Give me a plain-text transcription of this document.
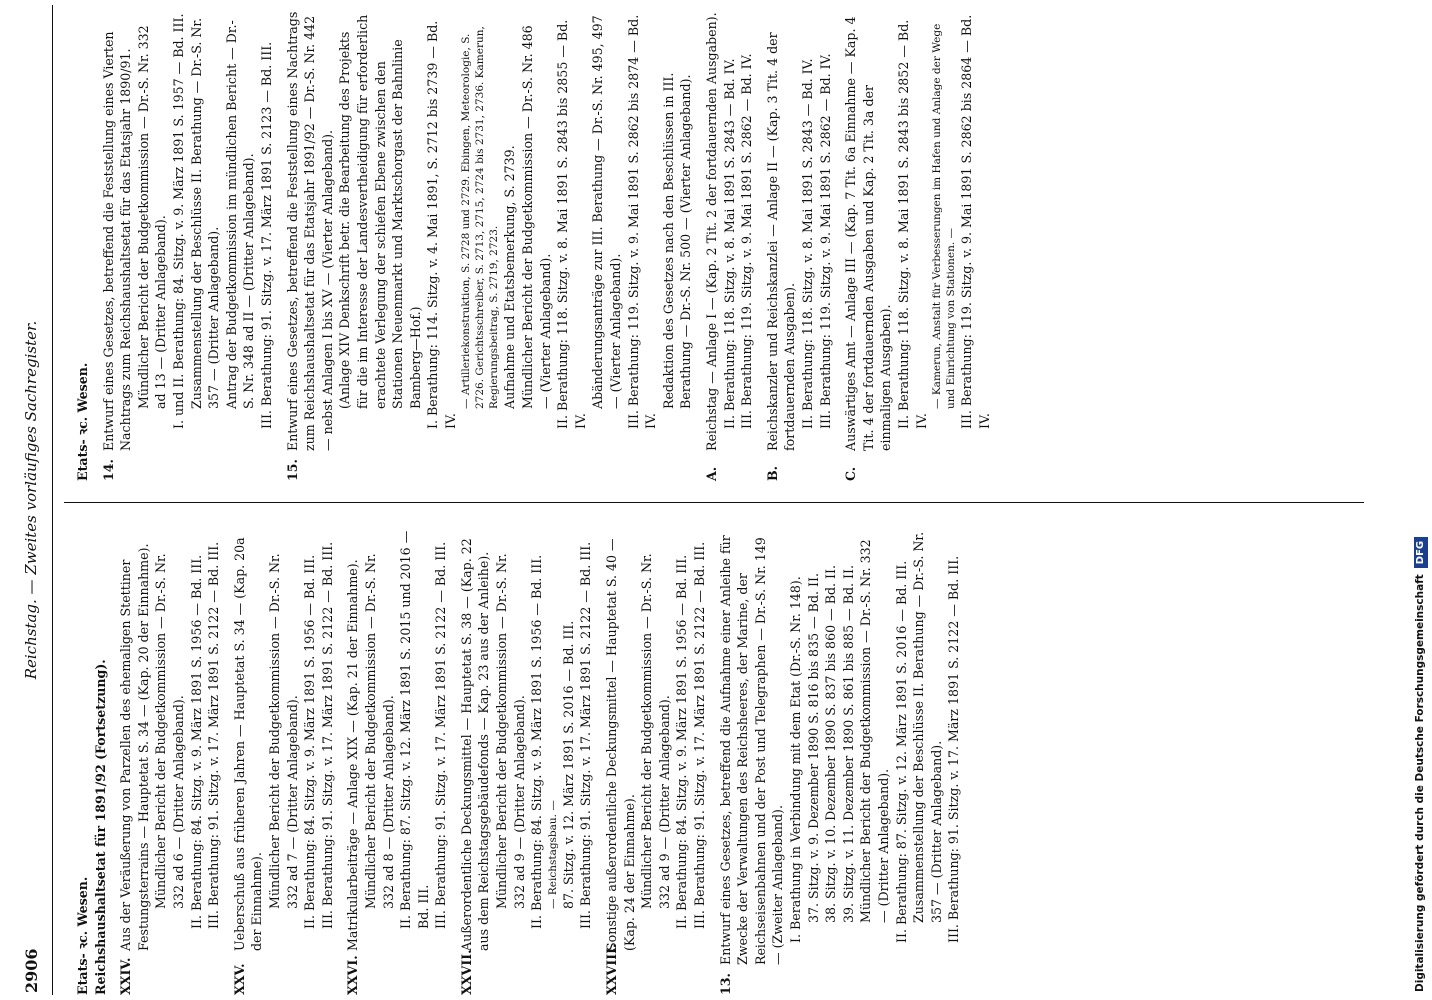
2906
Reichstag. — Zweites vorläufiges Sachregister.
Etats- ꝛc. Wesen. Reichshaushaltsetat für 1891/92 (Fortsetzung). XXIV.
Aus der Veräußerung von Parzellen des ehemaligen Stettiner Festungsterrains — Hauptetat S. 34 — (Kap. 20 der Einnahme). Mündlicher Bericht der Budgetkommission — Dr.-S. Nr. 332 ad 6 — (Dritter Anlageband). II. Berathung: 84. Sitzg. v. 9. März 1891 S. 1956 — Bd. III. III. Berathung: 91. Sitzg. v. 17. März 1891 S. 2122 — Bd. III.
XXV.
Ueberschuß aus früheren Jahren — Hauptetat S. 34 — (Kap. 20a der Einnahme). Mündlicher Bericht der Budgetkommission — Dr.-S. Nr. 332 ad 7 — (Dritter Anlageband). II. Berathung: 84. Sitzg. v. 9. März 1891 S. 1956 — Bd. III. III. Berathung: 91. Sitzg. v. 17. März 1891 S. 2122 — Bd. III.
XXVI.
Matrikularbeiträge — Anlage XIX — (Kap. 21 der Einnahme). Mündlicher Bericht der Budgetkommission — Dr.-S. Nr. 332 ad 8 — (Dritter Anlageband). II. Berathung: 87. Sitzg. v. 12. März 1891 S. 2015 und 2016 — Bd. III. III. Berathung: 91. Sitzg. v. 17. März 1891 S. 2122 — Bd. III.
XXVII.
Außerordentliche Deckungsmittel — Hauptetat S. 38 — (Kap. 22 aus dem Reichstagsgebäudefonds — Kap. 23 aus der Anleihe). Mündlicher Bericht der Budgetkommission — Dr.-S. Nr. 332 ad 9 — (Dritter Anlageband). II. Berathung: 84. Sitzg. v. 9. März 1891 S. 1956 — Bd. III. — Reichstagsbau. — 87. Sitzg. v. 12. März 1891 S. 2016 — Bd. III. III. Berathung: 91. Sitzg. v. 17. März 1891 S. 2122 — Bd. III.
XXVIII.
Sonstige außerordentliche Deckungsmittel — Hauptetat S. 40 — (Kap. 24 der Einnahme). Mündlicher Bericht der Budgetkommission — Dr.-S. Nr. 332 ad 9 — (Dritter Anlageband). II. Berathung: 84. Sitzg. v. 9. März 1891 S. 1956 — Bd. III. III. Berathung: 91. Sitzg. v. 17. März 1891 S. 2122 — Bd. III.
13.
Entwurf eines Gesetzes, betreffend die Aufnahme einer Anleihe für Zwecke der Verwaltungen des Reichsheeres, der Marine, der Reichseisenbahnen und der Post und Telegraphen — Dr.-S. Nr. 149 — (Zweiter Anlageband). I. Berathung in Verbindung mit dem Etat (Dr.-S. Nr. 148). 37. Sitzg. v. 9. Dezember 1890 S. 816 bis 835 — Bd. II. 38. Sitzg. v. 10. Dezember 1890 S. 837 bis 860 — Bd. II. 39. Sitzg. v. 11. Dezember 1890 S. 861 bis 885 — Bd. II. Mündlicher Bericht der Budgetkommission — Dr.-S. Nr. 332 — (Dritter Anlageband). II. Berathung: 87. Sitzg. v. 12. März 1891 S. 2016 — Bd. III. Zusammenstellung der Beschlüsse II. Berathung — Dr.-S. Nr. 357 — (Dritter Anlageband). III. Berathung: 91. Sitzg. v. 17. März 1891 S. 2122 — Bd. III.
Etats- ꝛc. Wesen. 14.
Entwurf eines Gesetzes, betreffend die Feststellung eines Vierten Nachtrags zum Reichshaushaltsetat für das Etatsjahr 1890/91. Mündlicher Bericht der Budgetkommission — Dr.-S. Nr. 332 ad 13 — (Dritter Anlageband). I. und II. Berathung: 84. Sitzg. v. 9. März 1891 S. 1957 — Bd. III. Zusammenstellung der Beschlüsse II. Berathung — Dr.-S. Nr. 357 — (Dritter Anlageband). Antrag der Budgetkommission im mündlichen Bericht — Dr.-S. Nr. 348 ad II — (Dritter Anlageband). III. Berathung: 91. Sitzg. v. 17. März 1891 S. 2123 — Bd. III.
15.
Entwurf eines Gesetzes, betreffend die Feststellung eines Nachtrags zum Reichshaushaltsetat für das Etatsjahr 1891/92 — Dr.-S. Nr. 442 — nebst Anlagen I bis XV — (Vierter Anlageband). (Anlage XIV Denkschrift betr. die Bearbeitung des Projekts für die im Interesse der Landesvertheidigung für erforderlich erachtete Verlegung der schiefen Ebene zwischen den Stationen Neuenmarkt und Marktschorgast der Bahnlinie Bamberg—Hof.) I. Berathung: 114. Sitzg. v. 4. Mai 1891, S. 2712 bis 2739 — Bd. IV.
— Artilleriekonstruktion, S. 2728 und 2729. Ebingen, Meteorologie, S. 2726. Gerichtsschreiber, S. 2713, 2715, 2724 bis 2731, 2736. Kamerun, Regierungsbeitrag, S. 2719, 2723. Aufnahme und Etatsbemerkung, S. 2739. Mündlicher Bericht der Budgetkommission — Dr.-S. Nr. 486 — (Vierter Anlageband). II. Berathung: 118. Sitzg. v. 8. Mai 1891 S. 2843 bis 2855 — Bd. IV.
Abänderungsanträge zur III. Berathung — Dr.-S. Nr. 495, 497 — (Vierter Anlageband). III. Berathung: 119. Sitzg. v. 9. Mai 1891 S. 2862 bis 2874 — Bd. IV.
Redaktion des Gesetzes nach den Beschlüssen in III. Berathung — Dr.-S. Nr. 500 — (Vierter Anlageband).
A.
Reichstag — Anlage I — (Kap. 2 Tit. 2 der fortdauernden Ausgaben). II. Berathung: 118. Sitzg. v. 8. Mai 1891 S. 2843 — Bd. IV. III. Berathung: 119. Sitzg. v. 9. Mai 1891 S. 2862 — Bd. IV.
B.
Reichskanzler und Reichskanzlei — Anlage II — (Kap. 3 Tit. 4 der fortdauernden Ausgaben). II. Berathung: 118. Sitzg. v. 8. Mai 1891 S. 2843 — Bd. IV. III. Berathung: 119. Sitzg. v. 9. Mai 1891 S. 2862 — Bd. IV.
C.
Auswärtiges Amt — Anlage III — (Kap. 7 Tit. 6a Einnahme — Kap. 4 Tit. 4 der fortdauernden Ausgaben und Kap. 2 Tit. 3a der einmaligen Ausgaben). II. Berathung: 118. Sitzg. v. 8. Mai 1891 S. 2843 bis 2852 — Bd. IV.
— Kamerun, Anstalt für Verbesserungen im Hafen und Anlage der Wege und Einrichtung von Stationen. — III. Berathung: 119. Sitzg. v. 9. Mai 1891 S. 2862 bis 2864 — Bd. IV.
Digitalisierung gefördert durch die Deutsche ForschungsgemeinschaftDFG
